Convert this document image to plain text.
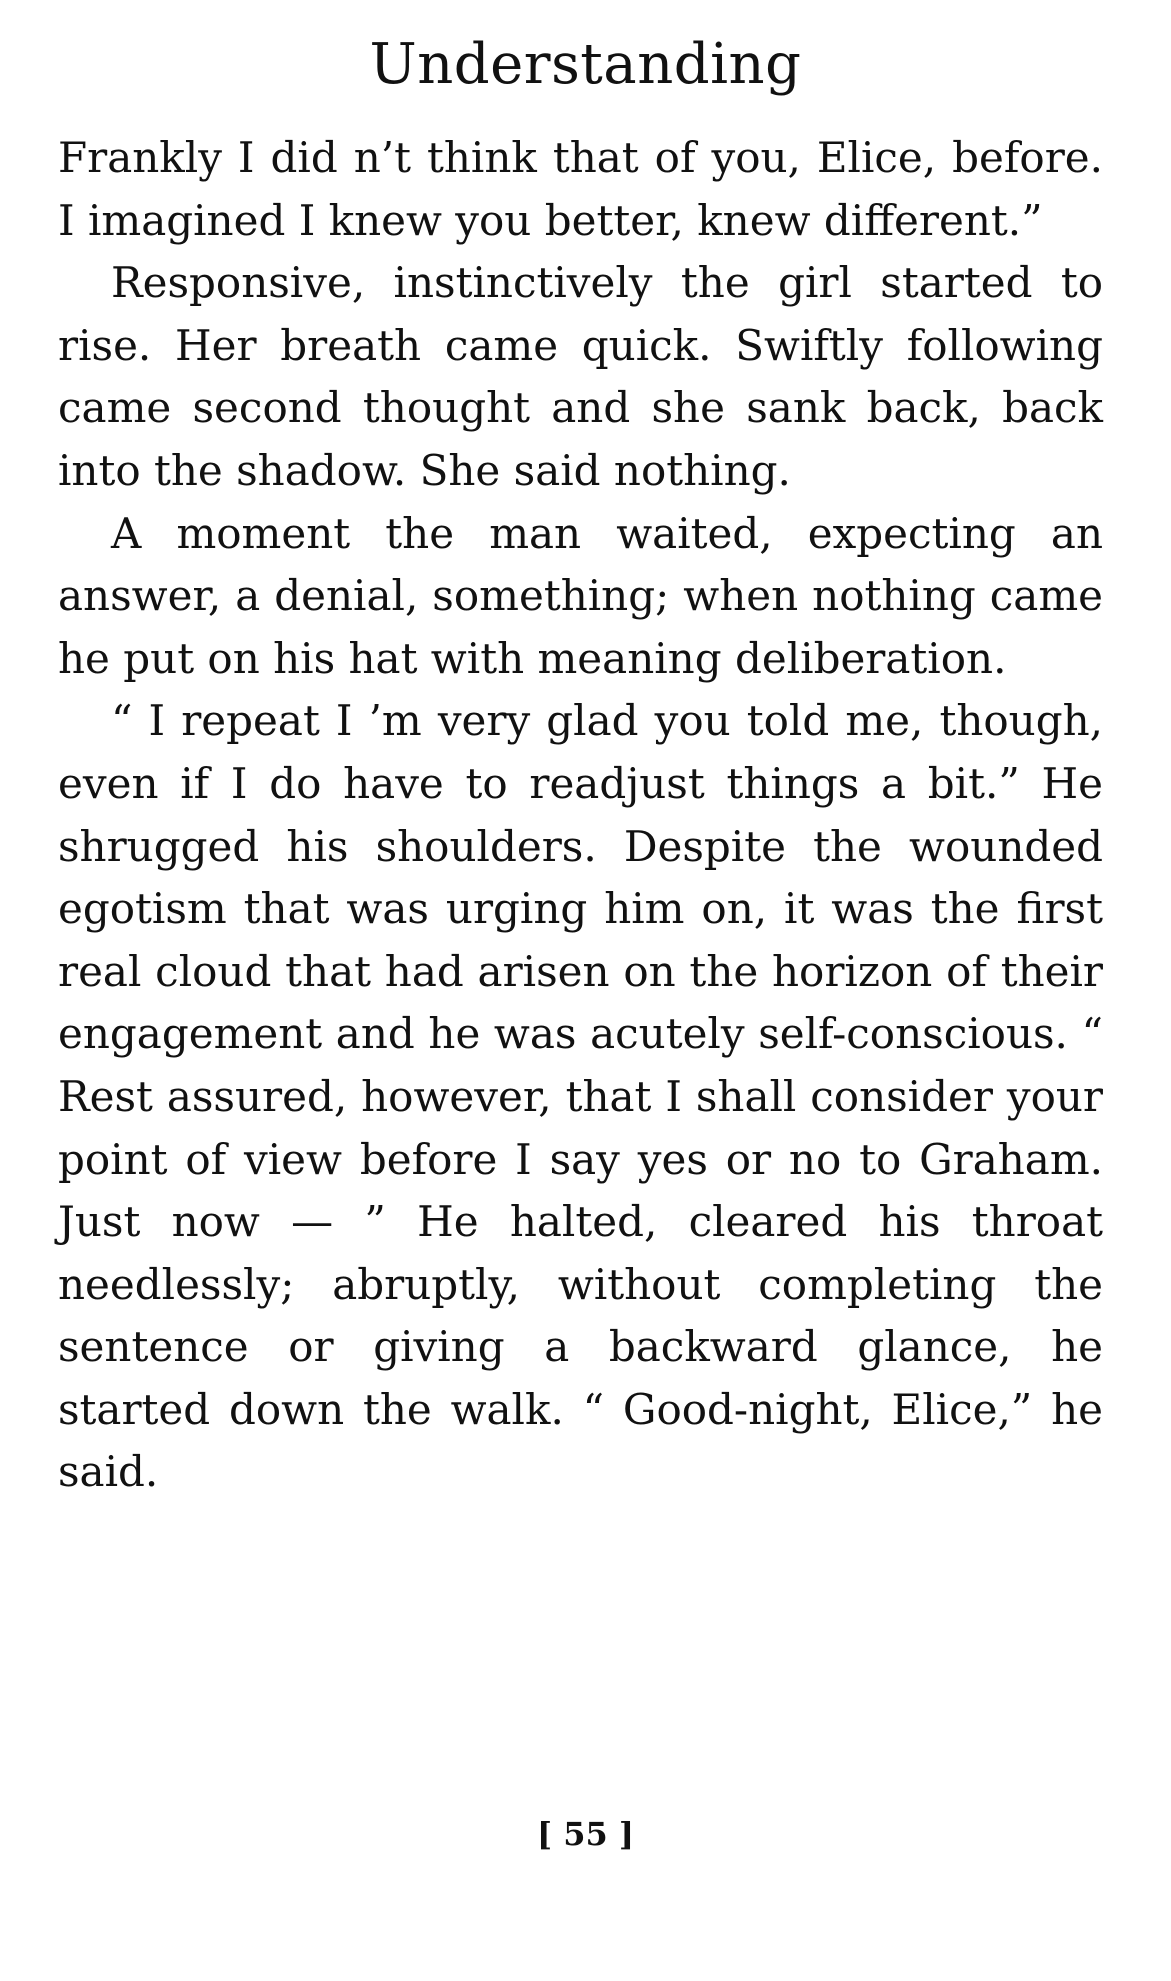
Understanding

Frankly I did n’t think that of you, Elice, before. I imagined I knew you better, knew different.”

Responsive, instinctively the girl started to rise. Her breath came quick. Swiftly following came second thought and she sank back, back into the shadow. She said nothing.

A moment the man waited, expecting an answer, a denial, something; when nothing came he put on his hat with meaning deliberation.

“ I repeat I ’m very glad you told me, though, even if I do have to readjust things a bit.” He shrugged his shoulders. Despite the wounded egotism that was urging him on, it was the first real cloud that had arisen on the horizon of their engagement and he was acutely self-conscious. “ Rest assured, however, that I shall consider your point of view before I say yes or no to Graham. Just now — ” He halted, cleared his throat needlessly; abruptly, without completing the sentence or giving a backward glance, he started down the walk. “ Good-night, Elice,” he said.

[ 55 ]
